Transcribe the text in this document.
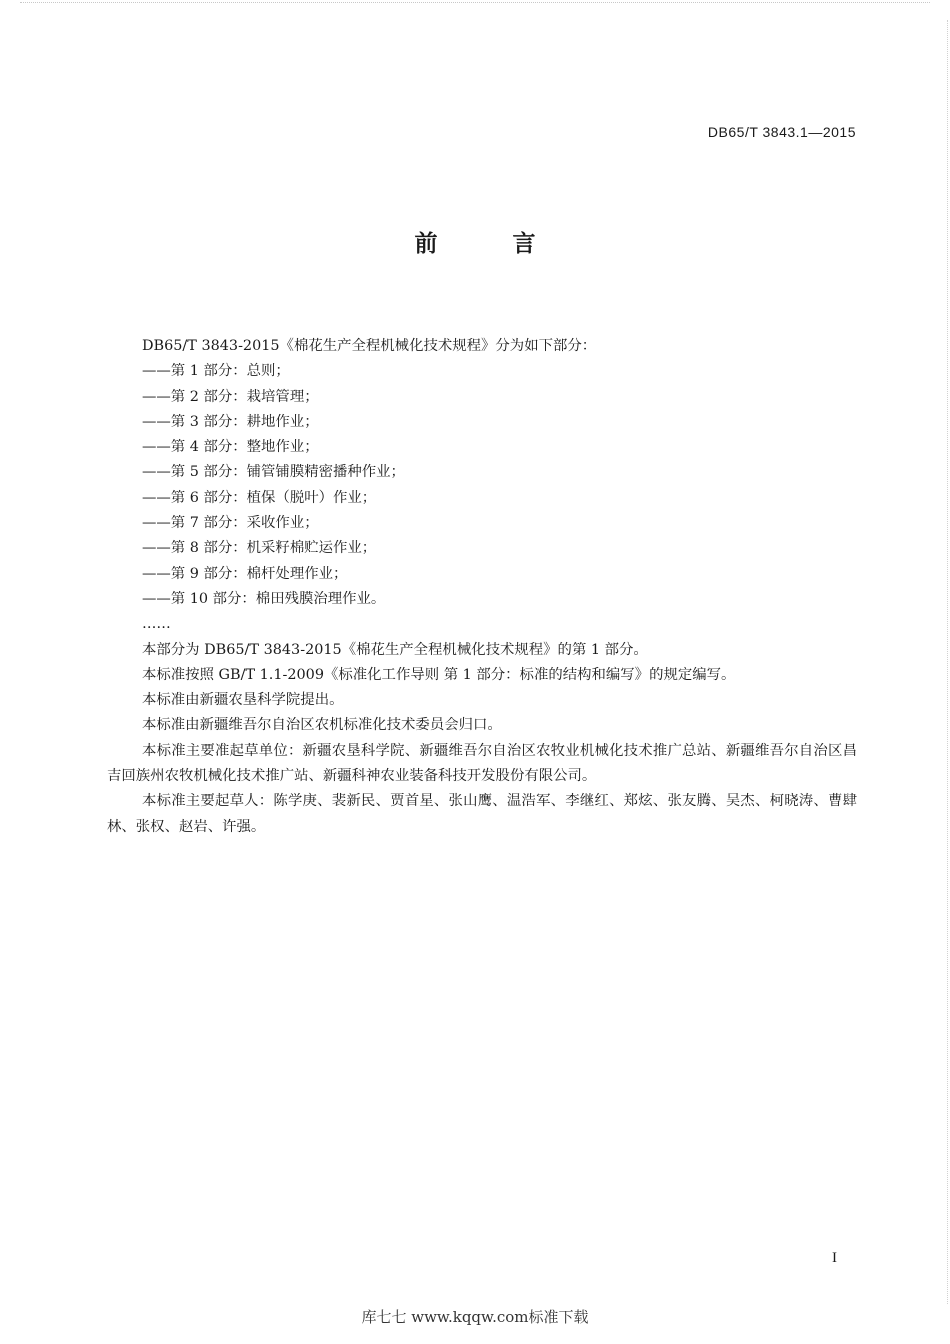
DB65/T 3843.1—2015
前　言
DB65/T 3843-2015《棉花生产全程机械化技术规程》分为如下部分：
——第 1 部分：总则；
——第 2 部分：栽培管理；
——第 3 部分：耕地作业；
——第 4 部分：整地作业；
——第 5 部分：铺管铺膜精密播种作业；
——第 6 部分：植保（脱叶）作业；
——第 7 部分：采收作业；
——第 8 部分：机采籽棉贮运作业；
——第 9 部分：棉杆处理作业；
——第 10 部分：棉田残膜治理作业。
……
本部分为 DB65/T 3843-2015《棉花生产全程机械化技术规程》的第 1 部分。
本标准按照 GB/T 1.1-2009《标准化工作导则 第 1 部分：标准的结构和编写》的规定编写。
本标准由新疆农垦科学院提出。
本标准由新疆维吾尔自治区农机标准化技术委员会归口。
本标准主要准起草单位：新疆农垦科学院、新疆维吾尔自治区农牧业机械化技术推广总站、新疆维吾尔自治区昌吉回族州农牧机械化技术推广站、新疆科神农业装备科技开发股份有限公司。
本标准主要起草人：陈学庚、裴新民、贾首星、张山鹰、温浩军、李继红、郑炫、张友腾、吴杰、柯晓涛、曹肆林、张权、赵岩、许强。
I
库七七 www.kqqw.com标准下载
